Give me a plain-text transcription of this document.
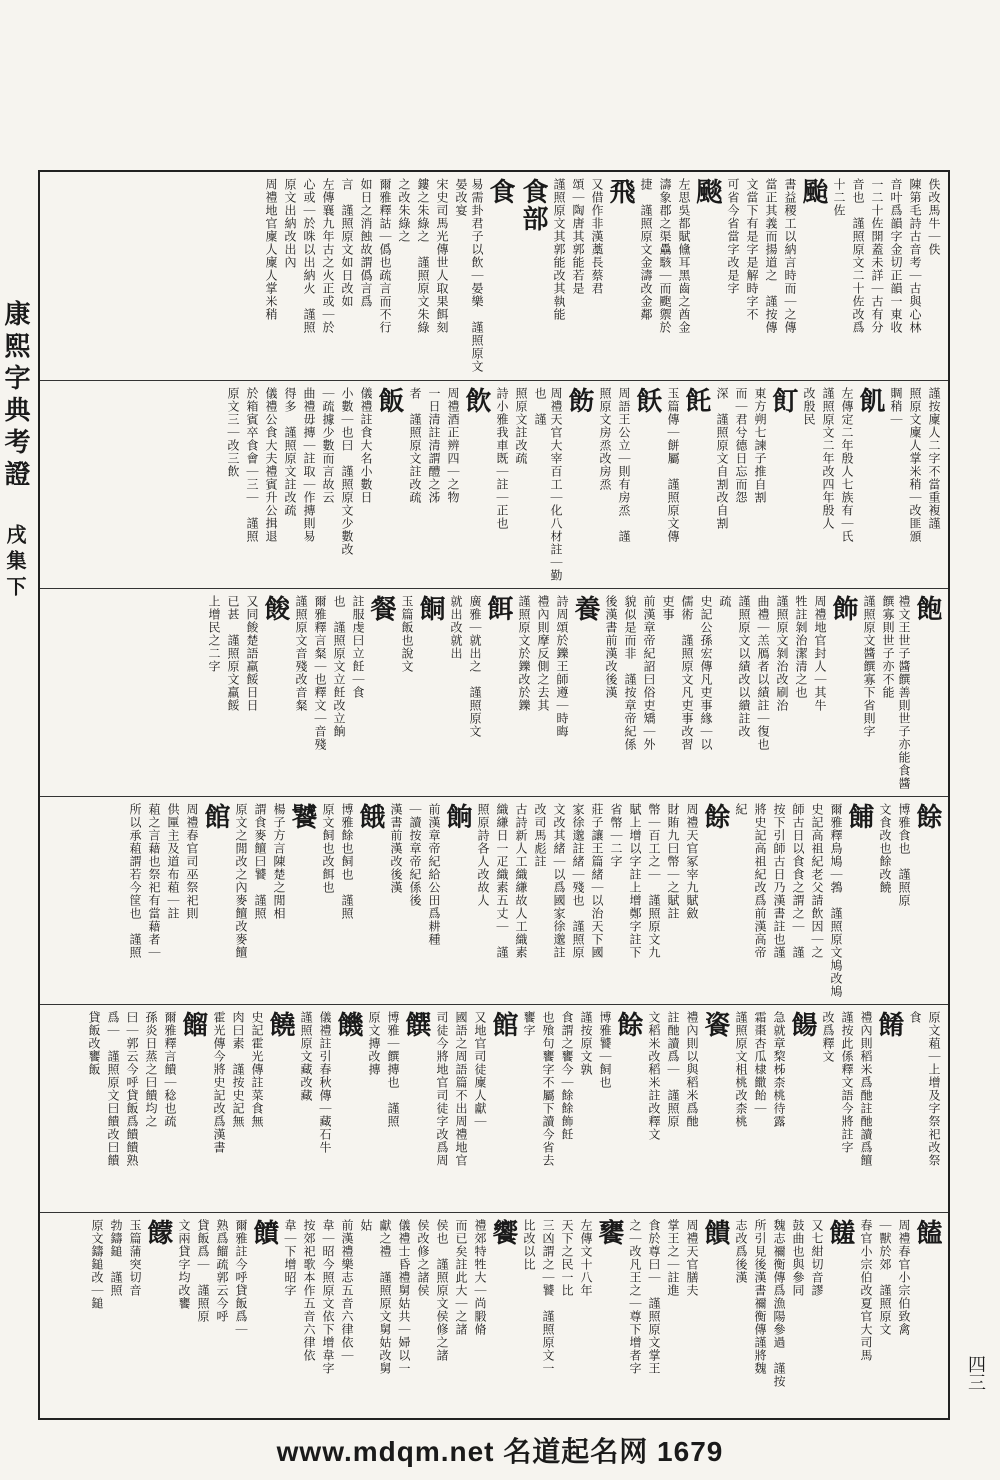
康熙字典考證　戌集下
四三
佚改馬牛｜佚
陳第毛詩古音考｜古與心林
音叶爲韻字金切正韻一東收
一二十佐開蓋未詳｜古有分
音也　謹照原文二十佐改爲
十二佐
颱
書益稷工以納言時而｜之傳
當正其義而揚道之　謹按傳
文當下有是字是解時字不
可省今省當字改是字
颷
左思吳都賦儵耳黑齒之酋金
濤象郡之渠驫駭｜而颮禦於
捷　謹照原文金濤改金鄰
飛
又借作非漢藁長蔡君
頌｜陶唐其郭能若是
謹照原文其郭能改其執能
食部
食
易需卦君子以飲｜晏樂　謹照原文晏改宴
宋史司馬光傳世人取果餌刻
鏤之朱綠之　謹照原文朱綠
之改朱綠之
爾雅釋詁｜僞也疏言而不行
如日之消蝕故謂僞言爲
言　謹照原文如日改如
左傳襄九年古之火正或｜於
心或｜於咮以出納火　謹照
原文出納改出內
周禮地官廩人廩人掌米稍
謹按廩人二字不當重複謹
照原文廩人掌米稍｜改匪頒
賙稍｜
飢
左傳定二年殷人七族有｜氏
謹照原文二年改四年殷人
改殷民
飣
東方朔七諫子推自割
而｜君兮德日忘而怨
深　謹照原文自割改自割
飥
玉篇傳｜餅屬　謹照原文傳
飫
周語王公立｜則有房烝　謹
照原文房烝改房烝
飭
周禮天官大宰百工｜化八材註｜勤也　謹
照原文註改疏
詩小雅我車既｜註｜正也
飲
周禮酒正辨四｜之物
一日清註清謂醴之泲
者　謹照原文註改疏
飯
儀禮註食大名小數日
小數｜也曰　謹照原文少數改
｜疏據少數而言故云
曲禮毋摶｜註取｜作摶則易
得多　謹照原文註改疏
儀禮公食大夫禮賓升公揖退
於箱賓卒食會｜三｜　謹照
原文三｜改三飲
飽
禮文王世子醬饌善則世子亦能食醬饌寡則世子亦不能
謹照原文醬饌寡下省則字
飾
周禮地官封人｜其牛
牲註剝治潔清之也
謹照原文剝治改刷治
曲禮｜羔鴈者以績註｜復也
謹照原文以績改以繢註改
疏
史記公孫宏傳凡吏事緣｜以
儒術　謹照原文凡吏事改習
吏事
前漢章帝紀詔曰俗吏矯｜外
貌似是而非　謹按章帝紀係
後漢書前漢改後漢
養
詩周頌於鑠王師遵｜時晦
禮內則摩反側之去其
謹照原文於鑠改於鑠
餌
廣雅｜就出之　謹照原文
就出改就出
餇
玉篇飯也說文
餐
註服虔曰立飪｜食
也　謹照原文立飪改立餉
爾雅釋言粲｜也釋文｜音殘
謹照原文音殘改音粲
餕
又同餕楚語羸餒日日
已甚　謹照原文羸餒
上增民之二字
餘
博雅食也　謹照原
文食改也餘改饒
餔
爾雅釋鳥鳩｜鵓　謹照原文鳩改鳩
史記高祖紀老父請飲因｜之
師古日以食食之謂之｜　謹
按下引師古日乃漢書註也謹
將史記高祖紀改爲前漢高帝
紀
餘
周禮天官冢宰九賦斂
財賄九曰幣｜之賦註
幣｜百工之｜　謹照原文九
賦上增以字註上增鄭字註下
省幣｜二字
莊子讓王篇緒｜以治天下國
家徐邈註緒｜殘也　謹照原
文改其緒｜以爲國家徐邈註
改司馬彪註
古詩新人工織縑故人工織素
織縑日一疋織素五丈｜　謹
照原詩各人改故人
餉
前漢章帝紀給公田爲耕種
｜讀按章帝紀係後
漢書前漢改後漢
餓
博雅餘也飼也　謹照
原文飼也改餌也
饕
楊子方言陳楚之閒相
謂食麥饘曰饕　謹照
原文之閒改之內麥饘改麥饘
館
周禮春官司巫祭祀則
供匰主及道布蒩｜註
蒩之言藉也祭祀有當藉者｜
所以承蒩謂若今筐也　謹照
原文蒩｜上增及字祭祀改祭
食
餚
禮內則稻米爲酏註酏讀爲饘
謹按此係釋文語今將註字
改爲釋文
餳
急就章棃柹柰桃待露
霜棗杏瓜棣饊飴｜
謹照原文柤桃改柰桃
餈
禮內則以與稻米爲酏
註酏讀爲｜　謹照原
文稻米改稻米註改釋文
餘
博雅饕｜飼也
謹按原文孰
食謂之饔今｜餘餘飾飪
也飱句饔字不屬下讀今省去
饔字
館
又地官司徒廩人獻｜
國語之周語篇不出周禮地官
司徒今將地官司徒字改爲周
饌
博雅｜饌摶也　謹照
原文摶改摶
饑
儀禮註引春秋傳｜藏石牛
謹照原文藏改藏
饒
史記霍光傳註菜食無
肉曰素　謹按史記無
霍光傳今將史記改爲漢書
餾
爾雅釋言饋｜稔也疏
孫炎日蒸之曰饋均之
曰｜郭云今呼貸飯爲饋饋熟
爲｜　謹照原文曰饋改曰饋
貸飯改饔飯
饁
周禮春官小宗伯致禽
｜獸於郊　謹照原文
春官小宗伯改夏官大司馬
饈
又七紺切音謬
鼓曲也與參同
魏志禰衡傳爲漁陽參過　謹按
所引見後漢書禰衡傳謹將魏
志改爲後漢
饋
周禮天官膳夫
掌王之｜註進
食於尊曰｜　謹照原文掌王
之｜改凡王之｜尊下增者字
饔
左傳文十八年
天下之民一比
三凶謂之｜饕　謹照原文一
比改以比
饗
禮郊特牲大｜尚腶脩
而已矣註此大｜之諸
侯也　謹照原文侯修之諸
侯改修之諸侯
儀禮士昏禮舅姑共｜婦以一
獻之禮　謹照原文舅姑改舅
姑
前漢禮樂志五音六律依｜
韋｜昭今照原文依下增韋字
按郊祀歌本作五音六律依
韋｜下增昭字
饙
爾雅註今呼貸飯爲｜
熟爲餾疏郭云今呼
貸飯爲｜　謹照原
文兩貸字均改饔
饛
玉篇蒲突切音
勃鑄鎚　謹照
原文鑄鎚改｜鎚
www.mdqm.net 名道起名网 1679
